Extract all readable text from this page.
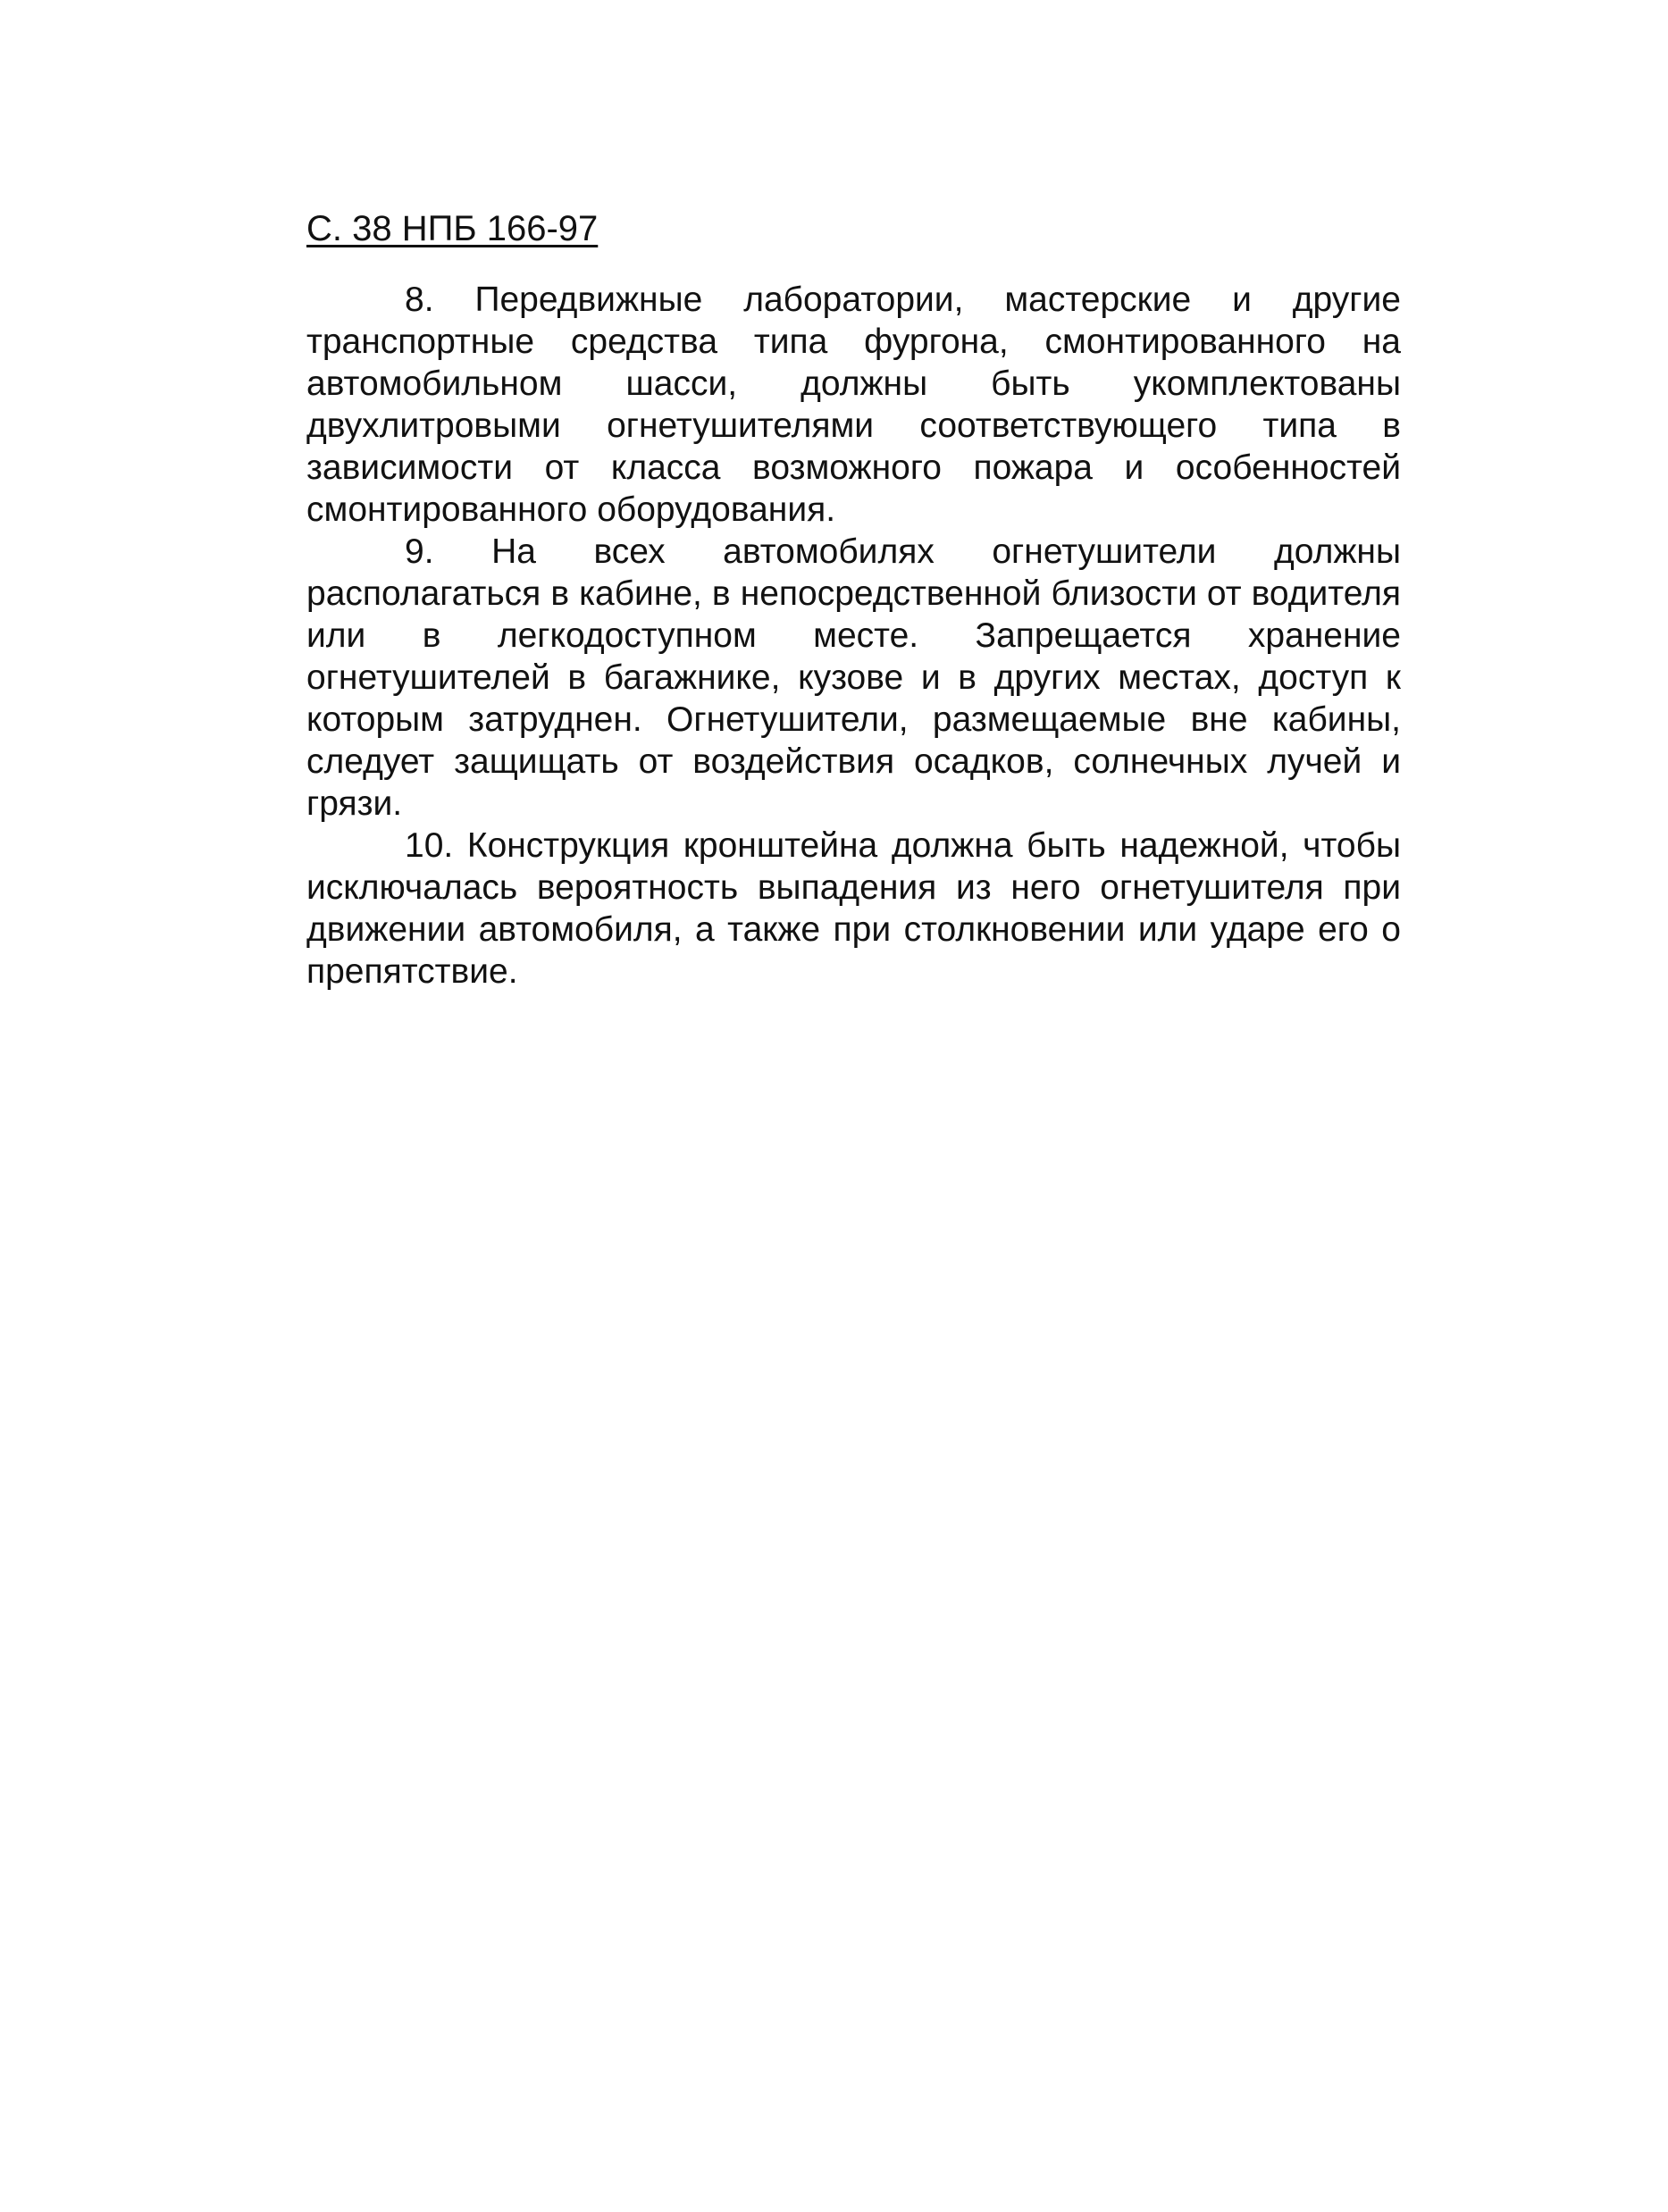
С. 38 НПБ 166-97

8. Передвижные лаборатории, мастерские и другие транспортные средства типа фургона, смонтированного на автомобильном шасси, должны быть укомплектованы двухлитровыми огнетушителями соответствующего типа в зависимости от класса возможного пожара и особенностей смонтированного оборудования.

9. На всех автомобилях огнетушители должны располагаться в кабине, в непосредственной близости от водителя или в легкодоступном месте. Запрещается хранение огнетушителей в багажнике, кузове и в других местах, доступ к которым затруднен. Огнетушители, размещаемые вне кабины, следует защищать от воздействия осадков, солнечных лучей и грязи.

10. Конструкция кронштейна должна быть надежной, чтобы исключалась вероятность выпадения из него огнетушителя при движении автомобиля, а также при столкновении или ударе его о препятствие.
